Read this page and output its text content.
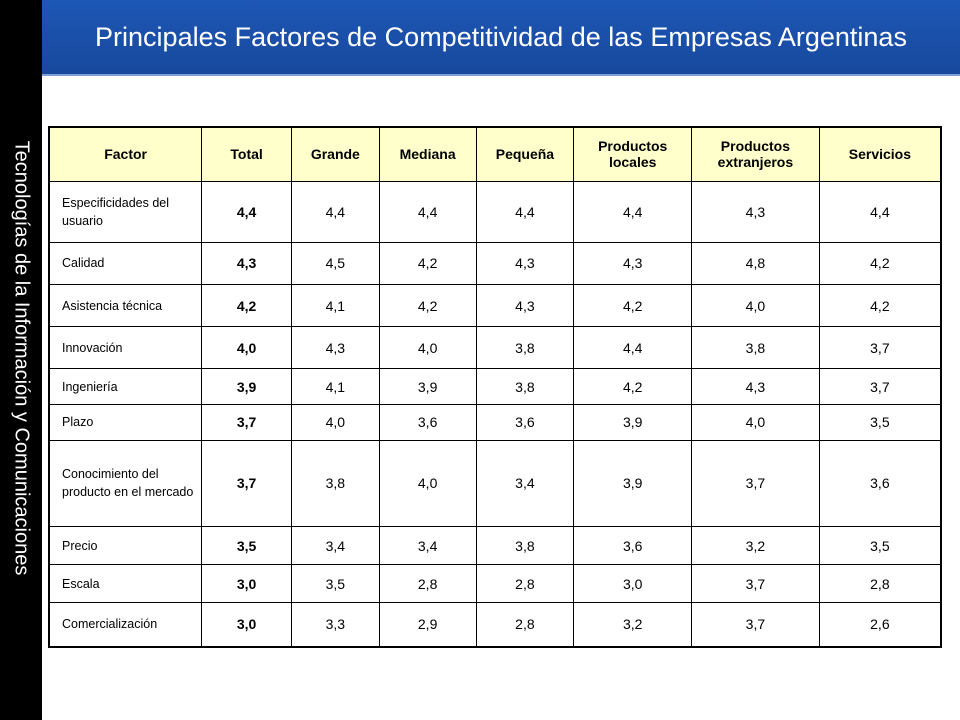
Tecnologías de la Información y Comunicaciones
Principales Factores de Competitividad de las Empresas Argentinas
Factor	Total	Grande	Mediana	Pequeña	Productos locales	Productos extranjeros	Servicios
Especificidades del usuario	4,4	4,4	4,4	4,4	4,4	4,3	4,4
Calidad	4,3	4,5	4,2	4,3	4,3	4,8	4,2
Asistencia técnica	4,2	4,1	4,2	4,3	4,2	4,0	4,2
Innovación	4,0	4,3	4,0	3,8	4,4	3,8	3,7
Ingeniería	3,9	4,1	3,9	3,8	4,2	4,3	3,7
Plazo	3,7	4,0	3,6	3,6	3,9	4,0	3,5
Conocimiento del producto en el mercado	3,7	3,8	4,0	3,4	3,9	3,7	3,6
Precio	3,5	3,4	3,4	3,8	3,6	3,2	3,5
Escala	3,0	3,5	2,8	2,8	3,0	3,7	2,8
Comercialización	3,0	3,3	2,9	2,8	3,2	3,7	2,6
